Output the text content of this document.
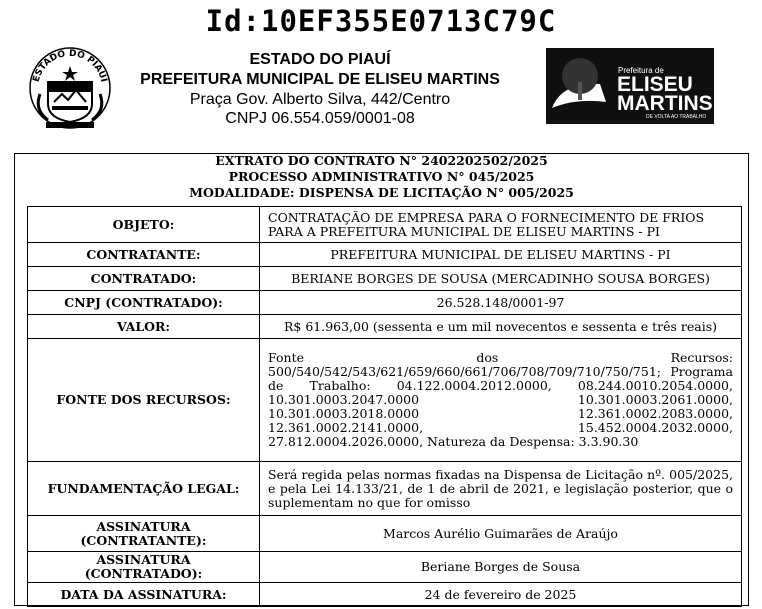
Id:10EF355E0713C79C
ESTADO DO PIAUÍ
ESTADO DO PIAUÍ
PREFEITURA MUNICIPAL DE ELISEU MARTINS
Praça Gov. Alberto Silva, 442/Centro
CNPJ 06.554.059/0001-08
Prefeitura de
ELISEU
MARTINS
DE VOLTA AO TRABALHO
EXTRATO DO CONTRATO N° 2402202502/2025
PROCESSO ADMINISTRATIVO N° 045/2025
MODALIDADE: DISPENSA DE LICITAÇÃO N° 005/2025
OBJETO:	CONTRATAÇÃO DE EMPRESA PARA O FORNECIMENTO DE FRIOS
PARA A PREFEITURA MUNICIPAL DE ELISEU MARTINS - PI

CONTRATANTE:	PREFEITURA MUNICIPAL DE ELISEU MARTINS - PI
CONTRATADO:	BERIANE BORGES DE SOUSA (MERCADINHO SOUSA BORGES)
CNPJ (CONTRATADO):	26.528.148/0001-97
VALOR:	R$ 61.963,00 (sessenta e um mil novecentos e sessenta e três reais)
FONTE DOS RECURSOS:	Fonte dos Recursos: 500/540/542/543/621/659/660/661/706/708/709/710/750/751; Programa de Trabalho: 04.122.0004.2012.0000, 08.244.0010.2054.0000, 10.301.0003.2047.0000 10.301.0003.2061.0000, 10.301.0003.2018.0000 12.361.0002.2083.0000, 12.361.0002.2141.0000, 15.452.0004.2032.0000, 27.812.0004.2026.0000, Natureza da Despensa: 3.3.90.30
FUNDAMENTAÇÃO LEGAL:	Será regida pelas normas fixadas na Dispensa de Licitação nº. 005/2025, e pela Lei 14.133/21, de 1 de abril de 2021, e legislação posterior, que o suplementam no que for omisso

ASSINATURA
(CONTRATANTE):	Marcos Aurélio Guimarães de Araújo
ASSINATURA (CONTRATADO):	Beriane Borges de Sousa
DATA DA ASSINATURA:	24 de fevereiro de 2025
